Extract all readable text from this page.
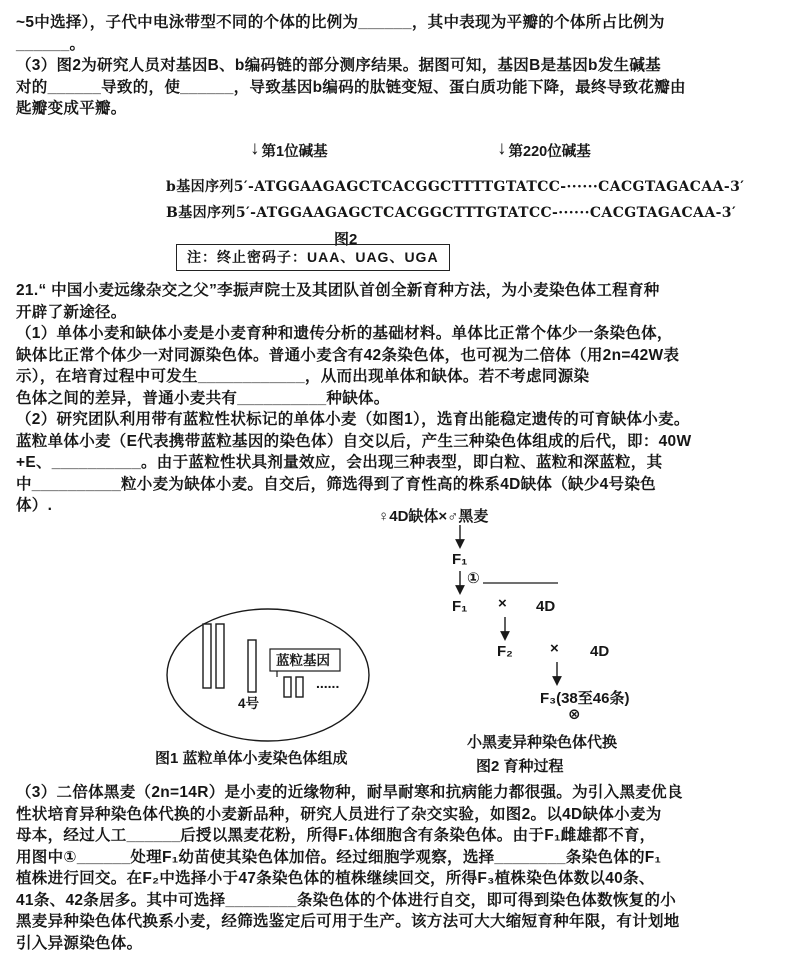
~5中选择），子代中电泳带型不同的个体的比例为______，其中表现为平瓣的个体所占比例为
______。
（3）图2为研究人员对基因B、b编码链的部分测序结果。据图可知，基因B是基因b发生碱基
对的______导致的，使______，导致基因b编码的肽链变短、蛋白质功能下降，最终导致花瓣由
匙瓣变成平瓣。
↓ 第1位碱基	↓ 第220位碱基
b基因序列5′-ATGGAAGAGCTCACGGCTTTTGTATCC-······CACGTAGACAA-3′
B基因序列5′-ATGGAAGAGCTCACGGCTTTGTATCC-······CACGTAGACAA-3′
图2
注：终止密码子：UAA、UAG、UGA
21.“ 中国小麦远缘杂交之父”李振声院士及其团队首创全新育种方法，为小麦染色体工程育种
开辟了新途径。
（1）单体小麦和缺体小麦是小麦育种和遗传分析的基础材料。单体比正常个体少一条染色体，
缺体比正常个体少一对同源染色体。普通小麦含有42条染色体，也可视为二倍体（用2n=42W表
示），在培育过程中可发生____________，从而出现单体和缺体。若不考虑同源染
色体之间的差异，普通小麦共有__________种缺体。
（2）研究团队利用带有蓝粒性状标记的单体小麦（如图1），选育出能稳定遗传的可育缺体小麦。
蓝粒单体小麦（E代表携带蓝粒基因的染色体）自交以后，产生三种染色体组成的后代，即：40W
+E、__________。由于蓝粒性状具剂量效应，会出现三种表型，即白粒、蓝粒和深蓝粒，其
中__________粒小麦为缺体小麦。自交后，筛选得到了育性高的株系4D缺体（缺少4号染色
体）.
蓝粒基因
4号
......
图1 蓝粒单体小麦染色体组成
♀4D缺体×♂黑麦
F₁
①
F₁ × 4D
F₂ × 4D
F₃(38至46条)
⊗
小黑麦异种染色体代换
图2 育种过程
（3）二倍体黑麦（2n=14R）是小麦的近缘物种，耐旱耐寒和抗病能力都很强。为引入黑麦优良
性状培育异种染色体代换的小麦新品种，研究人员进行了杂交实验，如图2。以4D缺体小麦为
母本，经过人工______后授以黑麦花粉，所得F₁体细胞含有条染色体。由于F₁雌雄都不育，
用图中①______处理F₁幼苗使其染色体加倍。经过细胞学观察，选择________条染色体的F₁
植株进行回交。在F₂中选择小于47条染色体的植株继续回交，所得F₃植株染色体数以40条、
41条、42条居多。其中可选择________条染色体的个体进行自交，即可得到染色体数恢复的小
黑麦异种染色体代换系小麦，经筛选鉴定后可用于生产。该方法可大大缩短育种年限，有计划地
引入异源染色体。
